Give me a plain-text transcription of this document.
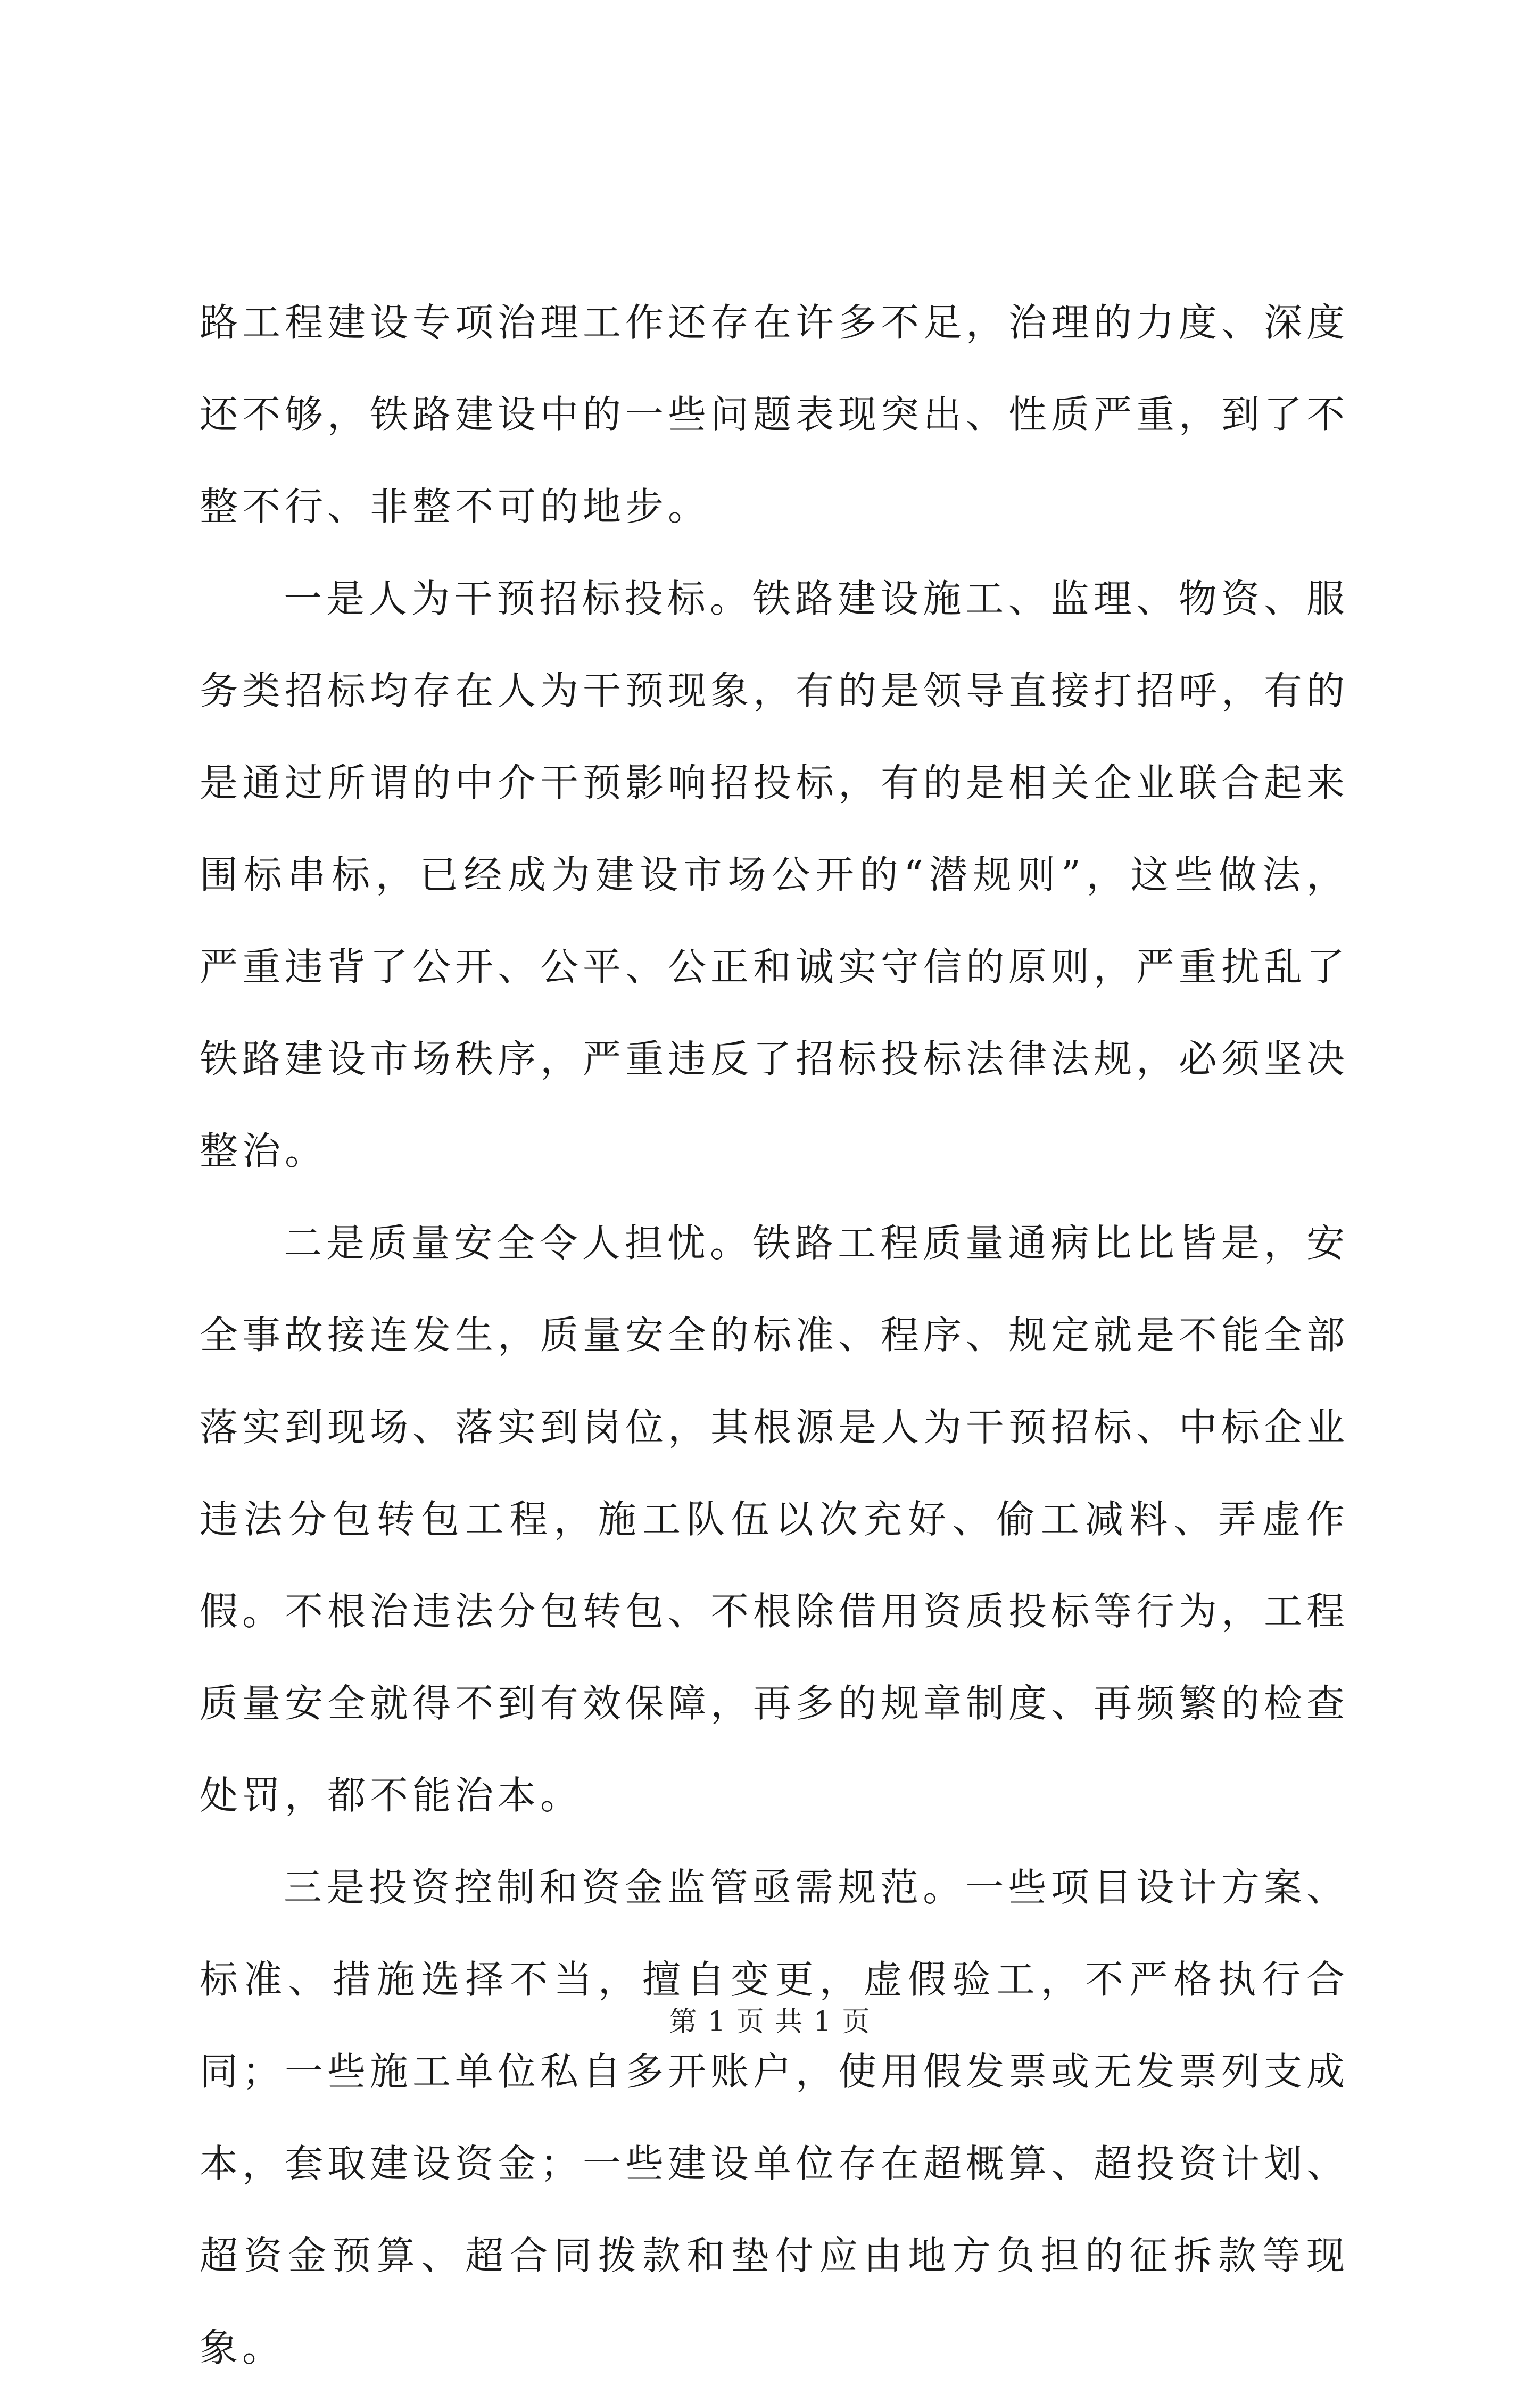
路工程建设专项治理工作还存在许多不足，治理的力度、深度还不够，铁路建设中的一些问题表现突出、性质严重，到了不整不行、非整不可的地步。

一是人为干预招标投标。铁路建设施工、监理、物资、服务类招标均存在人为干预现象，有的是领导直接打招呼，有的是通过所谓的中介干预影响招投标，有的是相关企业联合起来围标串标，已经成为建设市场公开的“潜规则”，这些做法，严重违背了公开、公平、公正和诚实守信的原则，严重扰乱了铁路建设市场秩序，严重违反了招标投标法律法规，必须坚决整治。

二是质量安全令人担忧。铁路工程质量通病比比皆是，安全事故接连发生，质量安全的标准、程序、规定就是不能全部落实到现场、落实到岗位，其根源是人为干预招标、中标企业违法分包转包工程，施工队伍以次充好、偷工减料、弄虚作假。不根治违法分包转包、不根除借用资质投标等行为，工程质量安全就得不到有效保障，再多的规章制度、再频繁的检查处罚，都不能治本。

三是投资控制和资金监管亟需规范。一些项目设计方案、标准、措施选择不当，擅自变更，虚假验工，不严格执行合同；一些施工单位私自多开账户，使用假发票或无发票列支成本，套取建设资金；一些建设单位存在超概算、超投资计划、超资金预算、超合同拨款和垫付应由地方负担的征拆款等现象。

第 1 页 共 1 页
